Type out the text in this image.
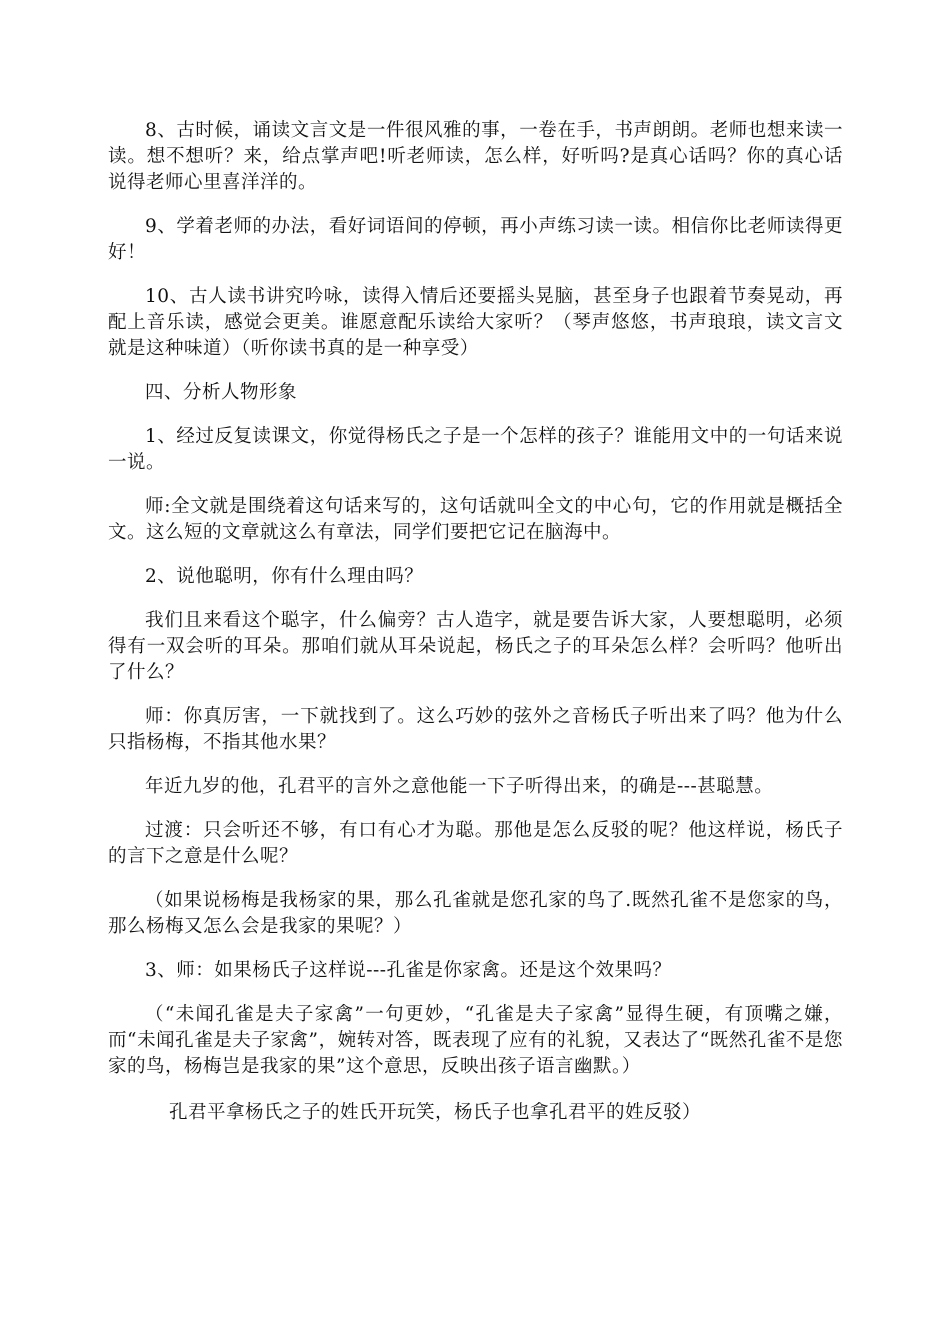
8、古时候，诵读文言文是一件很风雅的事，一卷在手，书声朗朗。老师也想来读一读。想不想听？来，给点掌声吧!听老师读，怎么样，好听吗?是真心话吗？你的真心话说得老师心里喜洋洋的。

9、学着老师的办法，看好词语间的停顿，再小声练习读一读。相信你比老师读得更好！

10、古人读书讲究吟咏，读得入情后还要摇头晃脑，甚至身子也跟着节奏晃动，再配上音乐读，感觉会更美。谁愿意配乐读给大家听？（琴声悠悠，书声琅琅，读文言文就是这种味道）（听你读书真的是一种享受）

四、分析人物形象

1、经过反复读课文，你觉得杨氏之子是一个怎样的孩子？谁能用文中的一句话来说一说。

师:全文就是围绕着这句话来写的，这句话就叫全文的中心句，它的作用就是概括全文。这么短的文章就这么有章法，同学们要把它记在脑海中。

2、说他聪明，你有什么理由吗？

我们且来看这个聪字，什么偏旁？古人造字，就是要告诉大家，人要想聪明，必须得有一双会听的耳朵。那咱们就从耳朵说起，杨氏之子的耳朵怎么样？会听吗？他听出了什么？

师：你真厉害，一下就找到了。这么巧妙的弦外之音杨氏子听出来了吗？他为什么只指杨梅，不指其他水果？

年近九岁的他，孔君平的言外之意他能一下子听得出来，的确是---甚聪慧。

过渡：只会听还不够，有口有心才为聪。那他是怎么反驳的呢？他这样说，杨氏子的言下之意是什么呢？

（如果说杨梅是我杨家的果，那么孔雀就是您孔家的鸟了.既然孔雀不是您家的鸟，那么杨梅又怎么会是我家的果呢？）

3、师：如果杨氏子这样说---孔雀是你家禽。还是这个效果吗？

（“未闻孔雀是夫子家禽”一句更妙，“孔雀是夫子家禽”显得生硬，有顶嘴之嫌，而“未闻孔雀是夫子家禽”，婉转对答，既表现了应有的礼貌，又表达了“既然孔雀不是您家的鸟，杨梅岂是我家的果”这个意思，反映出孩子语言幽默。）

孔君平拿杨氏之子的姓氏开玩笑，杨氏子也拿孔君平的姓反驳）
